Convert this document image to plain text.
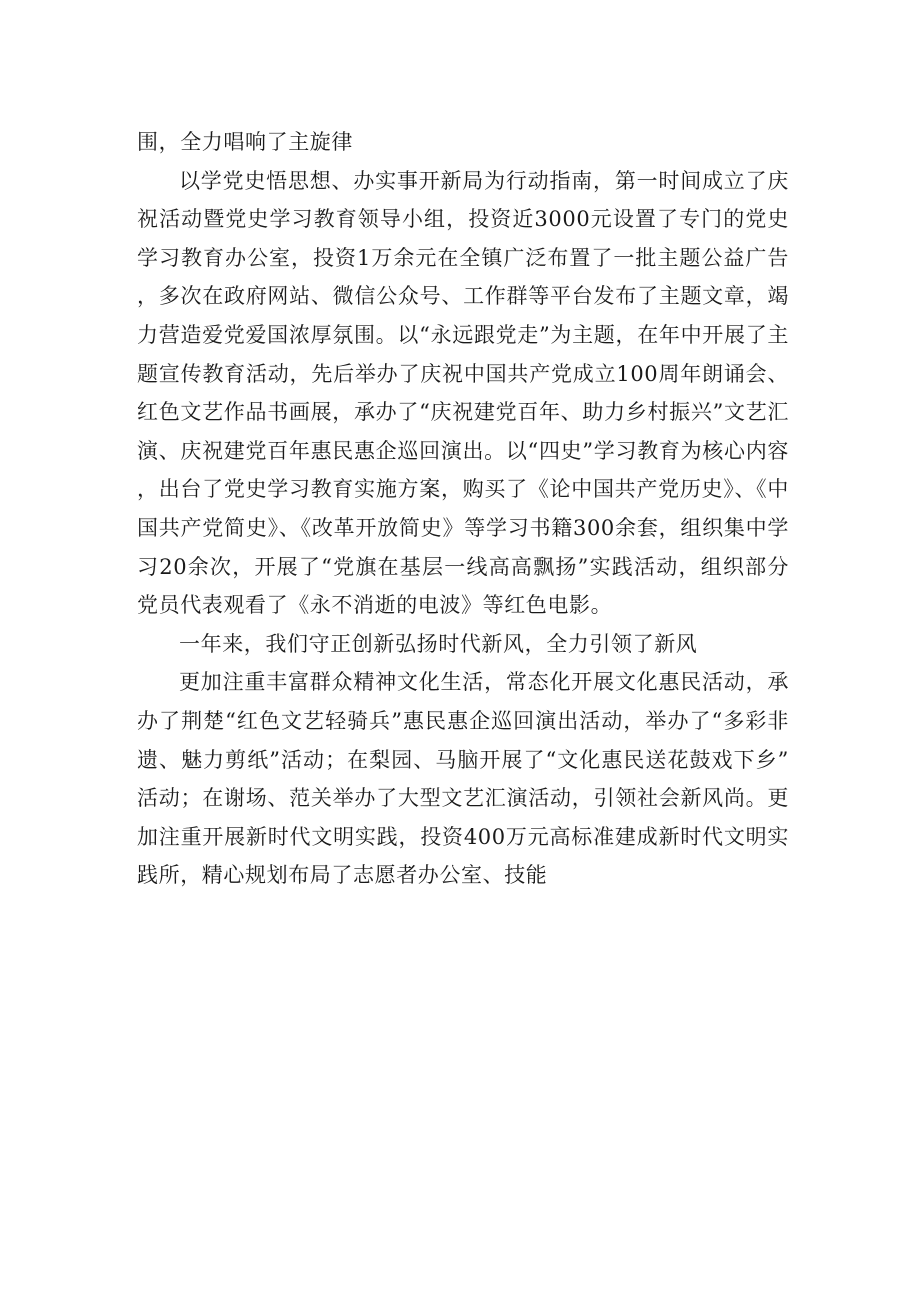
围，全力唱响了主旋律

以学党史悟思想、办实事开新局为行动指南，第一时间成立了庆祝活动暨党史学习教育领导小组，投资近3000元设置了专门的党史学习教育办公室，投资1万余元在全镇广泛布置了一批主题公益广告，多次在政府网站、微信公众号、工作群等平台发布了主题文章，竭力营造爱党爱国浓厚氛围。以“永远跟党走”为主题，在年中开展了主题宣传教育活动，先后举办了庆祝中国共产党成立100周年朗诵会、红色文艺作品书画展，承办了“庆祝建党百年、助力乡村振兴”文艺汇演、庆祝建党百年惠民惠企巡回演出。以“四史”学习教育为核心内容，出台了党史学习教育实施方案，购买了《论中国共产党历史》、《中国共产党简史》、《改革开放简史》等学习书籍300余套，组织集中学习20余次，开展了“党旗在基层一线高高飘扬”实践活动，组织部分党员代表观看了《永不消逝的电波》等红色电影。

一年来，我们守正创新弘扬时代新风，全力引领了新风

更加注重丰富群众精神文化生活，常态化开展文化惠民活动，承办了荆楚“红色文艺轻骑兵”惠民惠企巡回演出活动，举办了“多彩非遗、魅力剪纸”活动；在梨园、马脑开展了“文化惠民送花鼓戏下乡”活动；在谢场、范关举办了大型文艺汇演活动，引领社会新风尚。更加注重开展新时代文明实践，投资400万元高标准建成新时代文明实践所，精心规划布局了志愿者办公室、技能
